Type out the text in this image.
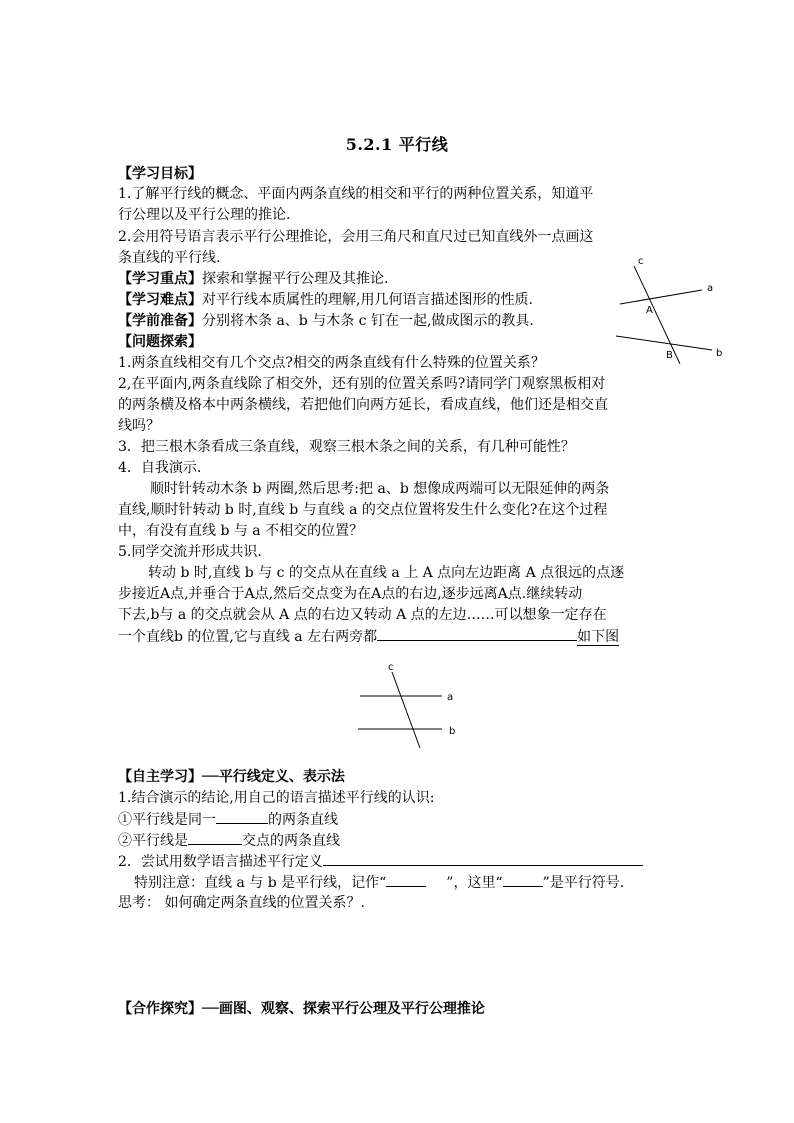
5.2.1 平行线
【学习目标】
1.了解平行线的概念、平面内两条直线的相交和平行的两种位置关系，知道平
行公理以及平行公理的推论.
2.会用符号语言表示平行公理推论，会用三角尺和直尺过已知直线外一点画这
条直线的平行线.
【学习重点】探索和掌握平行公理及其推论.
【学习难点】对平行线本质属性的理解,用几何语言描述图形的性质.
【学前准备】分别将木条 a、b 与木条 c 钉在一起,做成图示的教具.
c
a
A
B	b
【问题探索】
1.两条直线相交有几个交点?相交的两条直线有什么特殊的位置关系？
2,在平面内,两条直线除了相交外，还有别的位置关系吗?请同学门观察黑板相对
的两条横及格本中两条横线，若把他们向两方延长，看成直线，他们还是相交直
线吗？
3．把三根木条看成三条直线，观察三根木条之间的关系，有几种可能性？
4．自我演示.
顺时针转动木条 b 两圈,然后思考:把 a、b 想像成两端可以无限延伸的两条
直线,顺时针转动 b 时,直线 b 与直线 a 的交点位置将发生什么变化?在这个过程
中，有没有直线 b 与 a 不相交的位置？
5.同学交流并形成共识.
转动 b 时,直线 b 与 c 的交点从在直线 a 上 A 点向左边距离 A 点很远的点逐
步接近A点,并垂合于A点,然后交点变为在A点的右边,逐步远离A点.继续转动
下去,b与 a 的交点就会从 A 点的右边又转动 A 点的左边……可以想象一定存在
一个直线b 的位置,它与直线 a 左右两旁都	如下图
c
a
b
【自主学习】──平行线定义、表示法
1.结合演示的结论,用自己的语言描述平行线的认识:
①平行线是同一	的两条直线
②平行线是	交点的两条直线
2．尝试用数学语言描述平行定义
特别注意：直线 a 与 b 是平行线，记作“	”，这里“	”是平行符号.
思考： 如何确定两条直线的位置关系？.
【合作探究】──画图、观察、探索平行公理及平行公理推论
